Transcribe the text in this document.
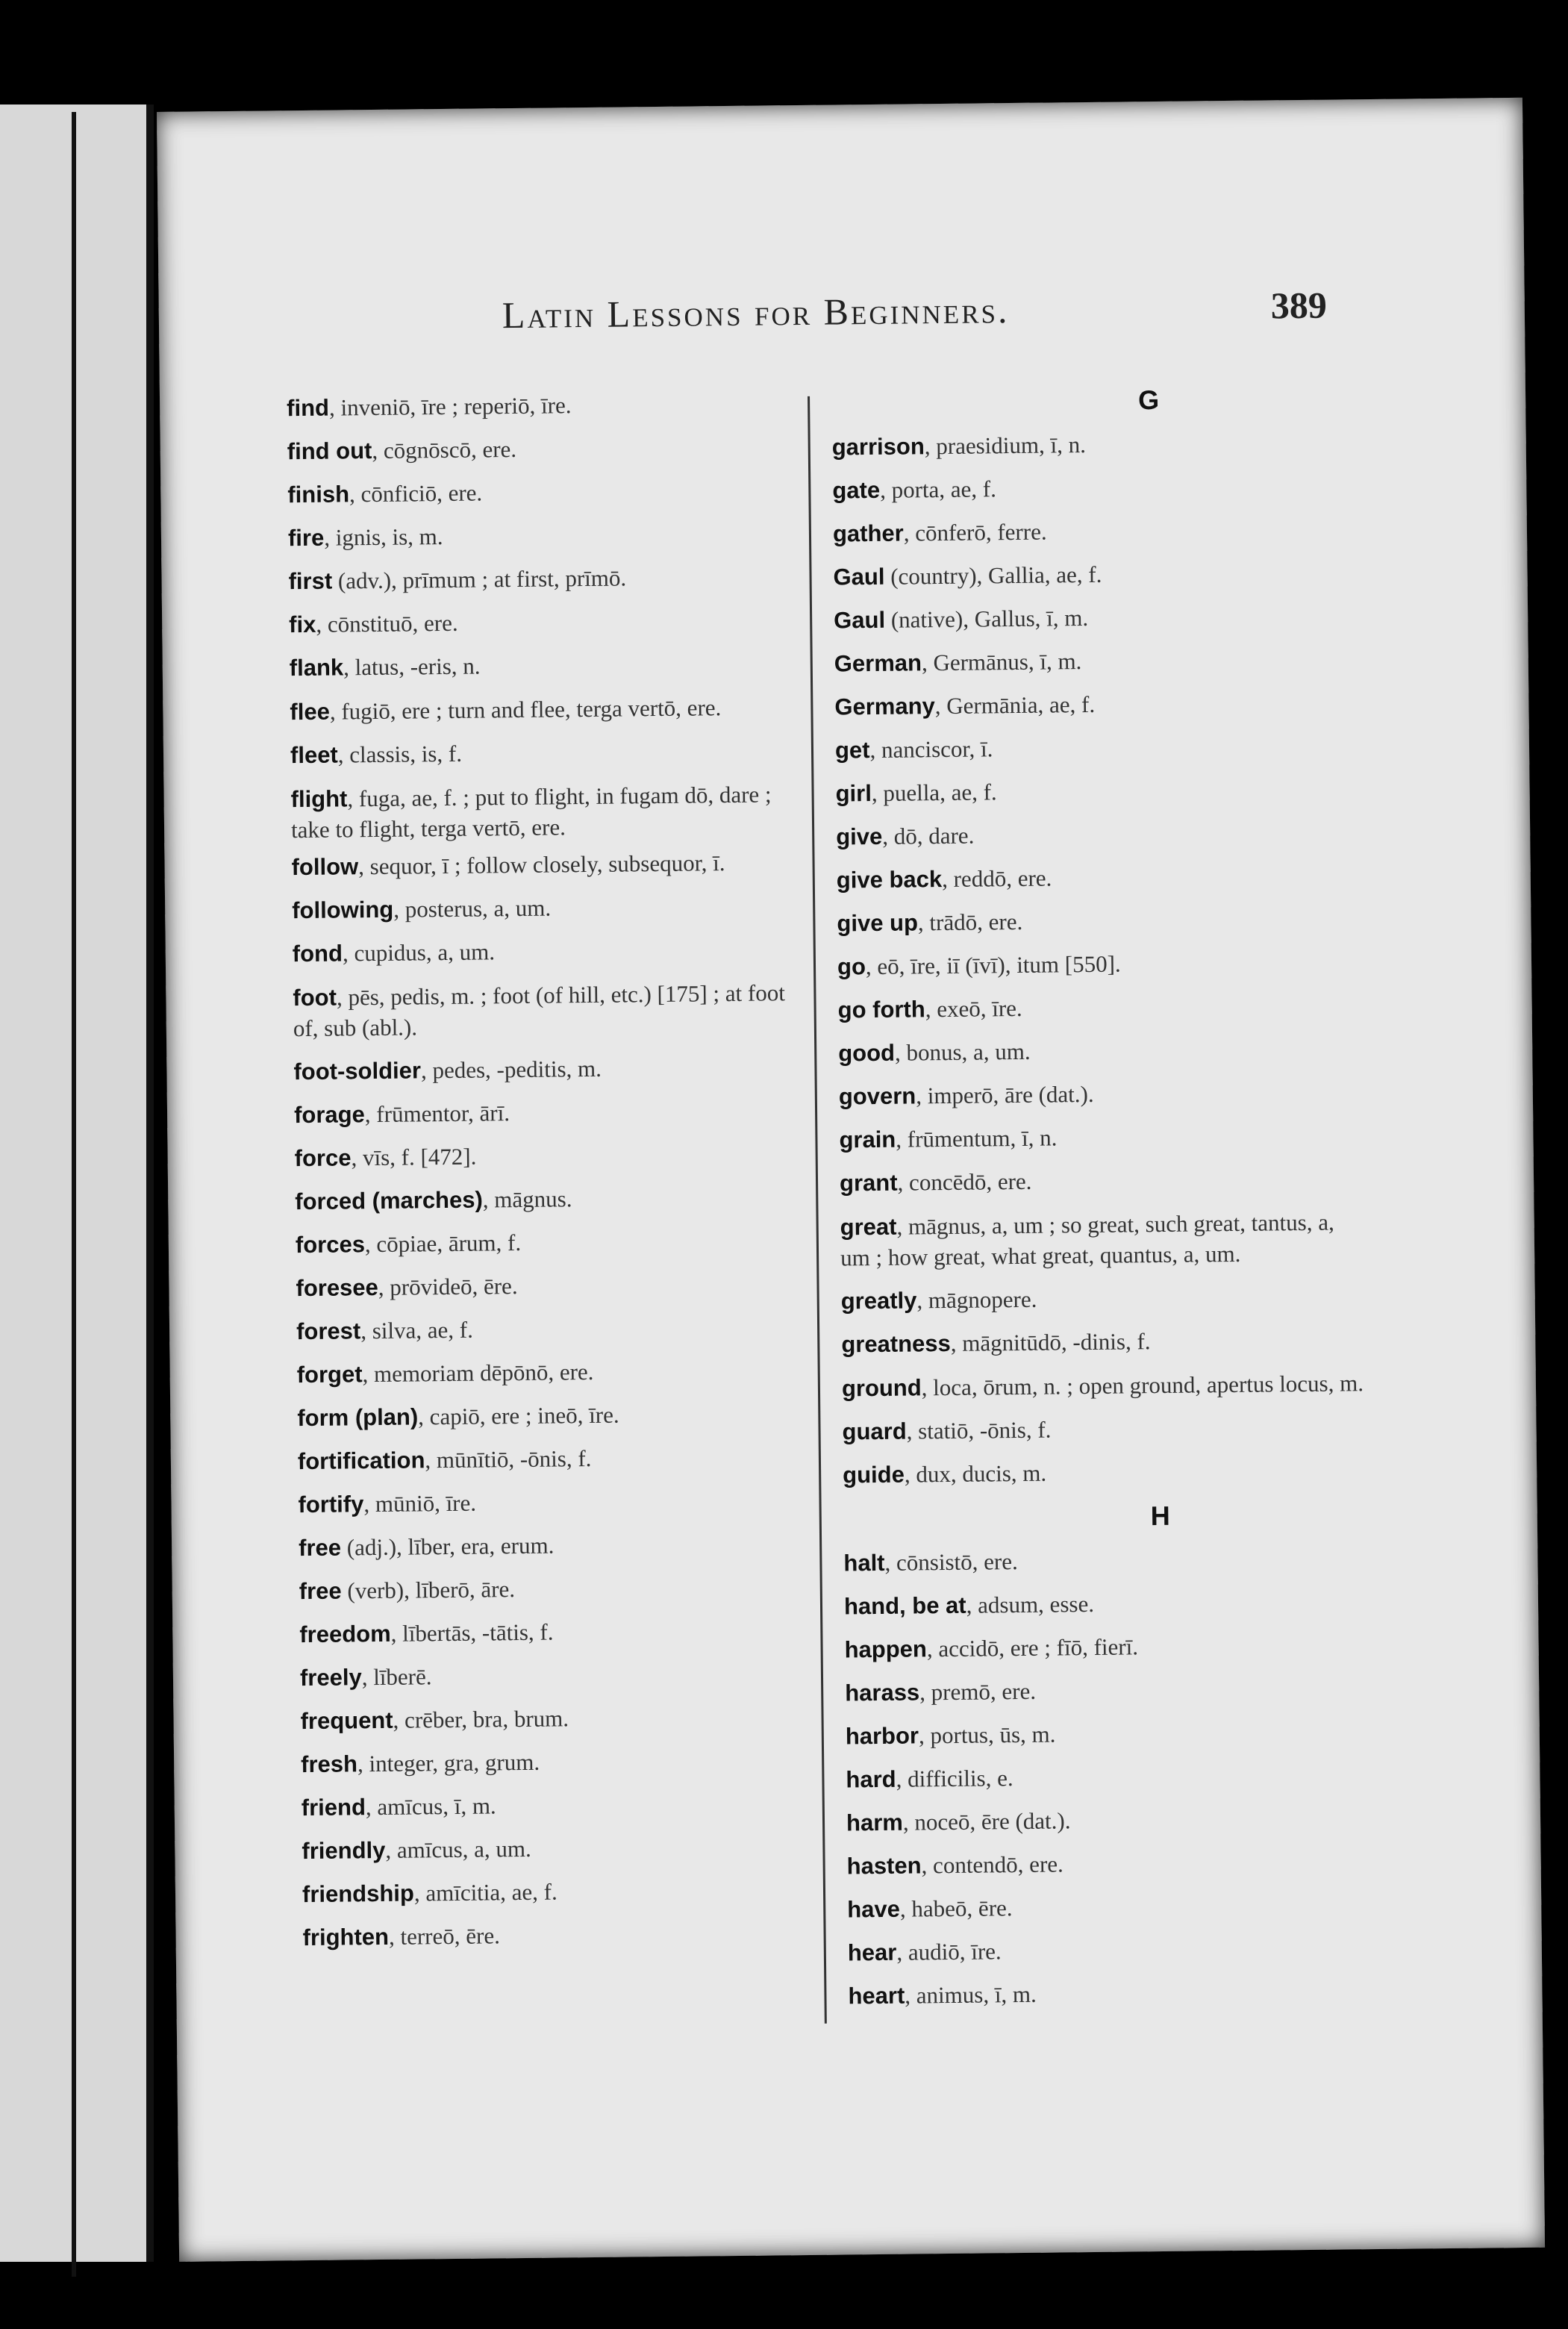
Latin Lessons for Beginners.	389
find, inveniō, īre ; reperiō, īre.
find out, cōgnōscō, ere.
finish, cōnficiō, ere.
fire, ignis, is, m.
first (adv.), prīmum ; at first, prīmō.
fix, cōnstituō, ere.
flank, latus, -eris, n.
flee, fugiō, ere ; turn and flee, terga vertō, ere.
fleet, classis, is, f.
flight, fuga, ae, f. ; put to flight, in fugam dō, dare ; take to flight, terga vertō, ere.
follow, sequor, ī ; follow closely, subsequor, ī.
following, posterus, a, um.
fond, cupidus, a, um.
foot, pēs, pedis, m. ; foot (of hill, etc.) [175] ; at foot of, sub (abl.).
foot-soldier, pedes, -peditis, m.
forage, frūmentor, ārī.
force, vīs, f. [472].
forced (marches), māgnus.
forces, cōpiae, ārum, f.
foresee, prōvideō, ēre.
forest, silva, ae, f.
forget, memoriam dēpōnō, ere.
form (plan), capiō, ere ; ineō, īre.
fortification, mūnītiō, -ōnis, f.
fortify, mūniō, īre.
free (adj.), līber, era, erum.
free (verb), līberō, āre.
freedom, lībertās, -tātis, f.
freely, līberē.
frequent, crēber, bra, brum.
fresh, integer, gra, grum.
friend, amīcus, ī, m.
friendly, amīcus, a, um.
friendship, amīcitia, ae, f.
frighten, terreō, ēre.
G
garrison, praesidium, ī, n.
gate, porta, ae, f.
gather, cōnferō, ferre.
Gaul (country), Gallia, ae, f.
Gaul (native), Gallus, ī, m.
German, Germānus, ī, m.
Germany, Germānia, ae, f.
get, nanciscor, ī.
girl, puella, ae, f.
give, dō, dare.
give back, reddō, ere.
give up, trādō, ere.
go, eō, īre, iī (īvī), itum [550].
go forth, exeō, īre.
good, bonus, a, um.
govern, imperō, āre (dat.).
grain, frūmentum, ī, n.
grant, concēdō, ere.
great, māgnus, a, um ; so great, such great, tantus, a, um ; how great, what great, quantus, a, um.
greatly, māgnopere.
greatness, māgnitūdō, -dinis, f.
ground, loca, ōrum, n. ; open ground, apertus locus, m.
guard, statiō, -ōnis, f.
guide, dux, ducis, m.
H
halt, cōnsistō, ere.
hand, be at, adsum, esse.
happen, accidō, ere ; fīō, fierī.
harass, premō, ere.
harbor, portus, ūs, m.
hard, difficilis, e.
harm, noceō, ēre (dat.).
hasten, contendō, ere.
have, habeō, ēre.
hear, audiō, īre.
heart, animus, ī, m.
